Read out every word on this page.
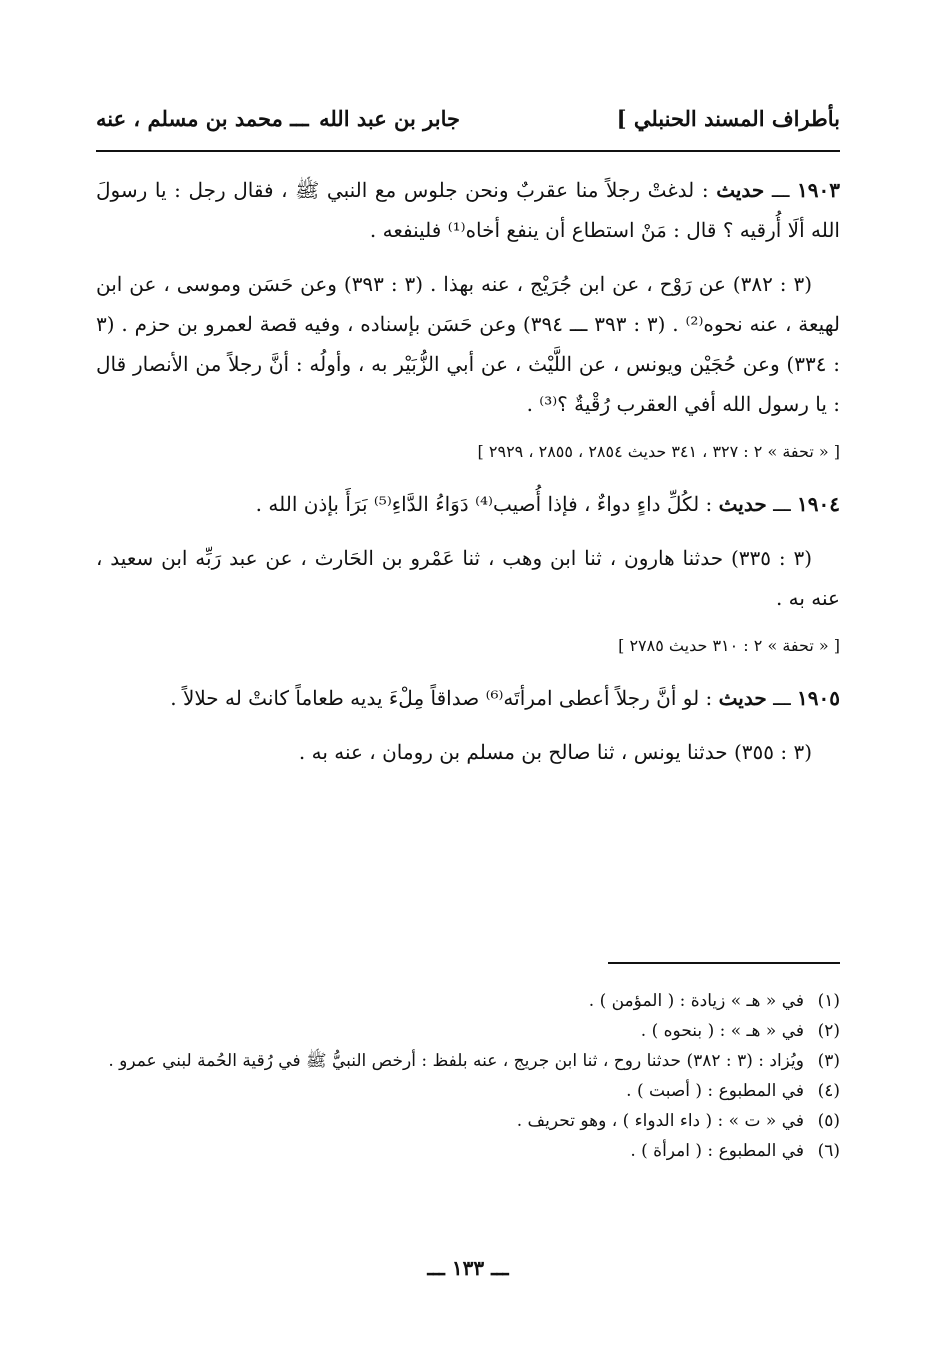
بأطراف المسند الحنبلي ]
جابر بن عبد الله
ـــ محمد بن مسلم ، عنه

١٩٠٣ ـــ حديث : لدغتْ رجلاً منا عقربٌ ونحن جلوس مع النبي ﷺ ، فقال رجل : يا رسولَ الله ألَا أُرقيه ؟ قال : مَنْ استطاع أن ينفع أخاه⁽¹⁾ فلينفعه .

(٣ : ٣٨٢) عن رَوْح ، عن ابن جُرَيْج ، عنه بهذا . (٣ : ٣٩٣) وعن حَسَن وموسى ، عن ابن لهيعة ، عنه نحوه⁽²⁾ . (٣ : ٣٩٣ ـــ ٣٩٤) وعن حَسَن بإسناده ، وفيه قصة لعمرو بن حزم . (٣ : ٣٣٤) وعن حُجَيْن ويونس ، عن اللَّيْث ، عن أبي الزُّبَيْر به ، وأولُه : أنَّ رجلاً من الأنصار قال : يا رسول الله أفي العقرب رُقْيةٌ ؟⁽³⁾ .

[ « تحفة » ٢ : ٣٢٧ ، ٣٤١ حديث ٢٨٥٤ ، ٢٨٥٥ ، ٢٩٢٩ ]

١٩٠٤ ـــ حديث : لكُلِّ داءٍ دواءٌ ، فإذا أُصيب⁽⁴⁾ دَوَاءُ الدَّاءِ⁽⁵⁾ بَرَأَ بإذن الله .

(٣ : ٣٣٥) حدثنا هارون ، ثنا ابن وهب ، ثنا عَمْرو بن الحَارث ، عن عبد رَبِّه ابن سعيد ، عنه به .

[ « تحفة » ٢ : ٣١٠ حديث ٢٧٨٥ ]

١٩٠٥ ـــ حديث : لو أنَّ رجلاً أعطى امرأتَه⁽⁶⁾ صداقاً مِلْءَ يديه طعاماً كانتْ له حلالاً .

(٣ : ٣٥٥) حدثنا يونس ، ثنا صالح بن مسلم بن رومان ، عنه به .

(١)
في « هـ » زيادة : ( المؤمن ) .
(٢)
في « هـ » : ( بنحوه ) .
(٣)
ويُزاد : (٣ : ٣٨٢) حدثنا روح ، ثنا ابن جريج ، عنه بلفظ : أرخص النبيُّ ﷺ في رُقية الحُمة لبني عمرو .
(٤)
في المطبوع : ( أصبت ) .
(٥)
في « ت » : ( داء الدواء ) ، وهو تحريف .
(٦)
في المطبوع : ( امرأة ) .
ـــ ١٣٣ ـــ
